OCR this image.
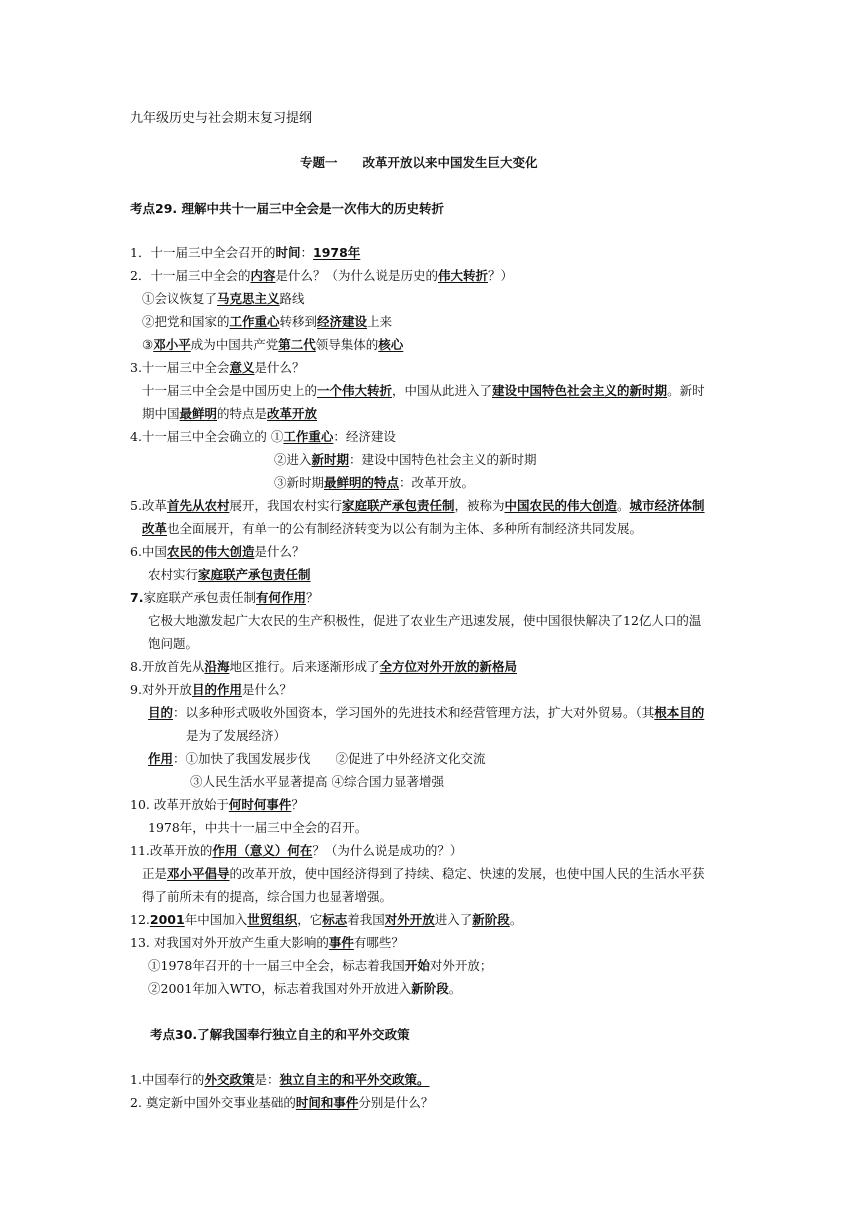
九年级历史与社会期末复习提纲
专题一　　改革开放以来中国发生巨大变化
考点29. 理解中共十一届三中全会是一次伟大的历史转折
1．十一届三中全会召开的时间：1978年
2．十一届三中全会的内容是什么？（为什么说是历史的伟大转折？）
①会议恢复了马克思主义路线
②把党和国家的工作重心转移到经济建设上来
③邓小平成为中国共产党第二代领导集体的核心
3.十一届三中全会意义是什么？
十一届三中全会是中国历史上的一个伟大转折，中国从此进入了建设中国特色社会主义的新时期。新时
期中国最鲜明的特点是改革开放
4.十一届三中全会确立的 ①工作重心：经济建设
②进入新时期：建设中国特色社会主义的新时期
③新时期最鲜明的特点：改革开放。
5.改革首先从农村展开，我国农村实行家庭联产承包责任制，被称为中国农民的伟大创造。城市经济体制
改革也全面展开，有单一的公有制经济转变为以公有制为主体、多种所有制经济共同发展。
6.中国农民的伟大创造是什么？
农村实行家庭联产承包责任制
7.家庭联产承包责任制有何作用？
它极大地激发起广大农民的生产积极性，促进了农业生产迅速发展，使中国很快解决了12亿人口的温
饱问题。
8.开放首先从沿海地区推行。后来逐渐形成了全方位对外开放的新格局
9.对外开放目的作用是什么？
目的：以多种形式吸收外国资本，学习国外的先进技术和经营管理方法，扩大对外贸易。（其根本目的
是为了发展经济）
作用：①加快了我国发展步伐　　②促进了中外经济文化交流
③人民生活水平显著提高 ④综合国力显著增强
10. 改革开放始于何时何事件？
1978年，中共十一届三中全会的召开。
11.改革开放的作用（意义）何在？（为什么说是成功的？）
正是邓小平倡导的改革开放，使中国经济得到了持续、稳定、快速的发展，也使中国人民的生活水平获
得了前所未有的提高，综合国力也显著增强。
12.2001年中国加入世贸组织，它标志着我国对外开放进入了新阶段。
13. 对我国对外开放产生重大影响的事件有哪些？
①1978年召开的十一届三中全会，标志着我国开始对外开放；
②2001年加入WTO，标志着我国对外开放进入新阶段。
考点30.了解我国奉行独立自主的和平外交政策
1.中国奉行的外交政策是：独立自主的和平外交政策。
2. 奠定新中国外交事业基础的时间和事件分别是什么？
